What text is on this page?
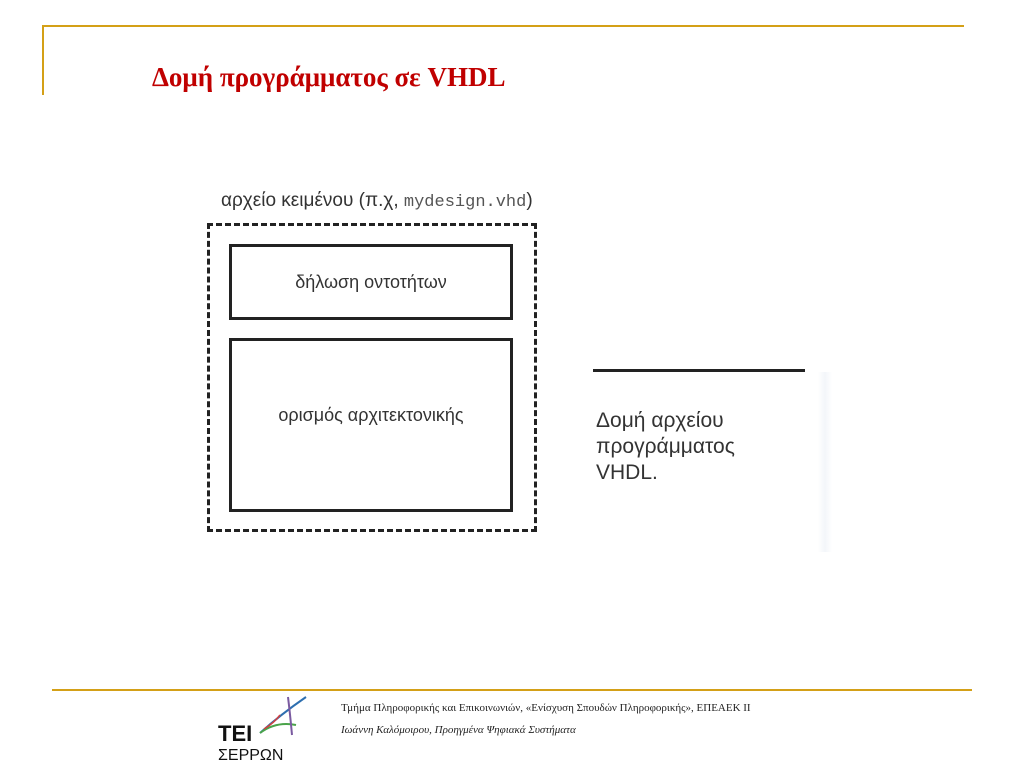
Δομή προγράμματος σε VHDL
αρχείο κειμένου (π.χ, mydesign.vhd)
δήλωση οντοτήτων
ορισμός αρχιτεκτονικής	Δομή αρχείου
προγράμματος
VHDL.
ΤΕΙ
ΣΕΡΡΩΝ
Τμήμα Πληροφορικής και Επικοινωνιών, «Ενίσχυση Σπουδών Πληροφορικής», ΕΠΕΑΕΚ ΙΙ
Ιωάννη Καλόμοιρου, Προηγμένα Ψηφιακά Συστήματα
